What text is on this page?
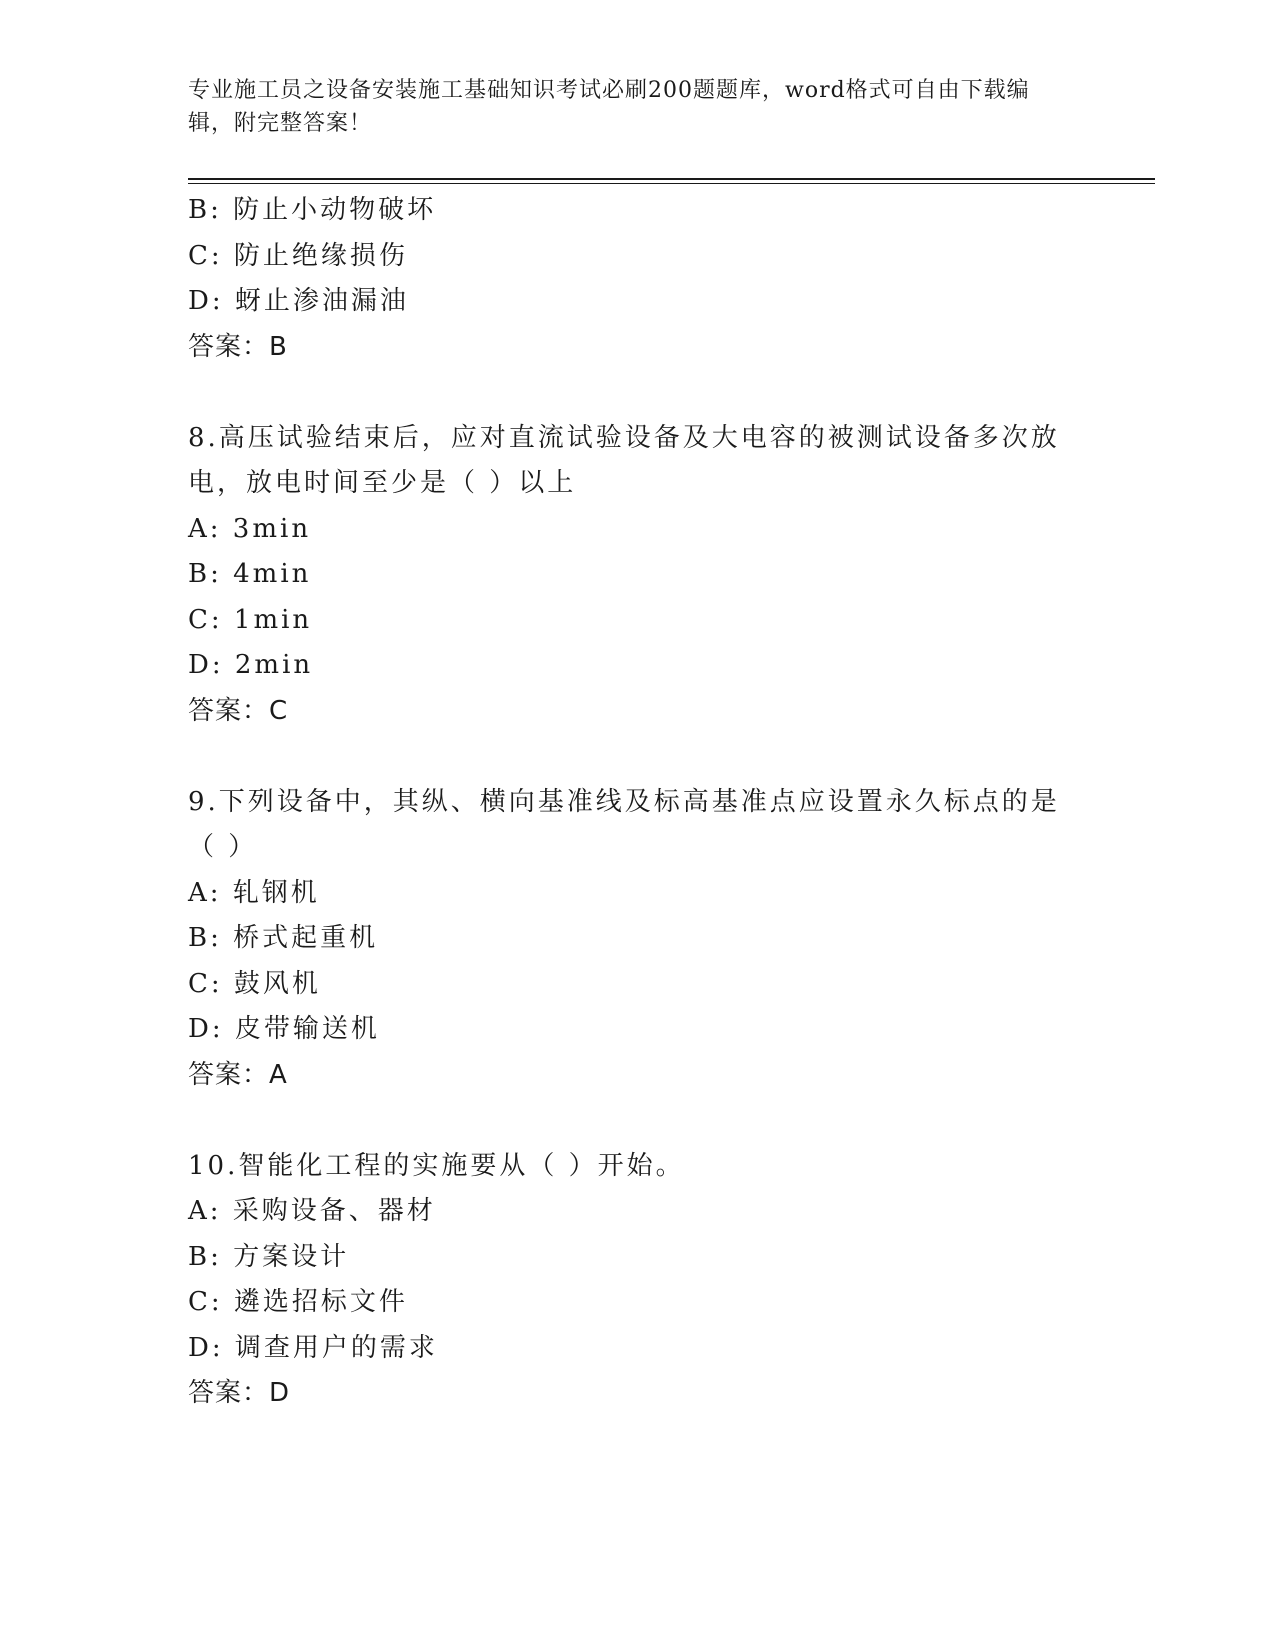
专业施工员之设备安装施工基础知识考试必刷200题题库，word格式可自由下载编辑，附完整答案！

B: 防止小动物破坏
C: 防止绝缘损伤
D: 蚜止渗油漏油
答案：B
8.高压试验结束后，应对直流试验设备及大电容的被测试设备多次放电，放电时间至少是（ ）以上
A: 3min
B: 4min
C: 1min
D: 2min
答案：C
9.下列设备中，其纵、横向基准线及标高基准点应设置永久标点的是（ ）
A: 轧钢机
B: 桥式起重机
C: 鼓风机
D: 皮带输送机
答案：A
10.智能化工程的实施要从（ ）开始。
A: 采购设备、器材
B: 方案设计
C: 遴选招标文件
D: 调查用户的需求
答案：D
